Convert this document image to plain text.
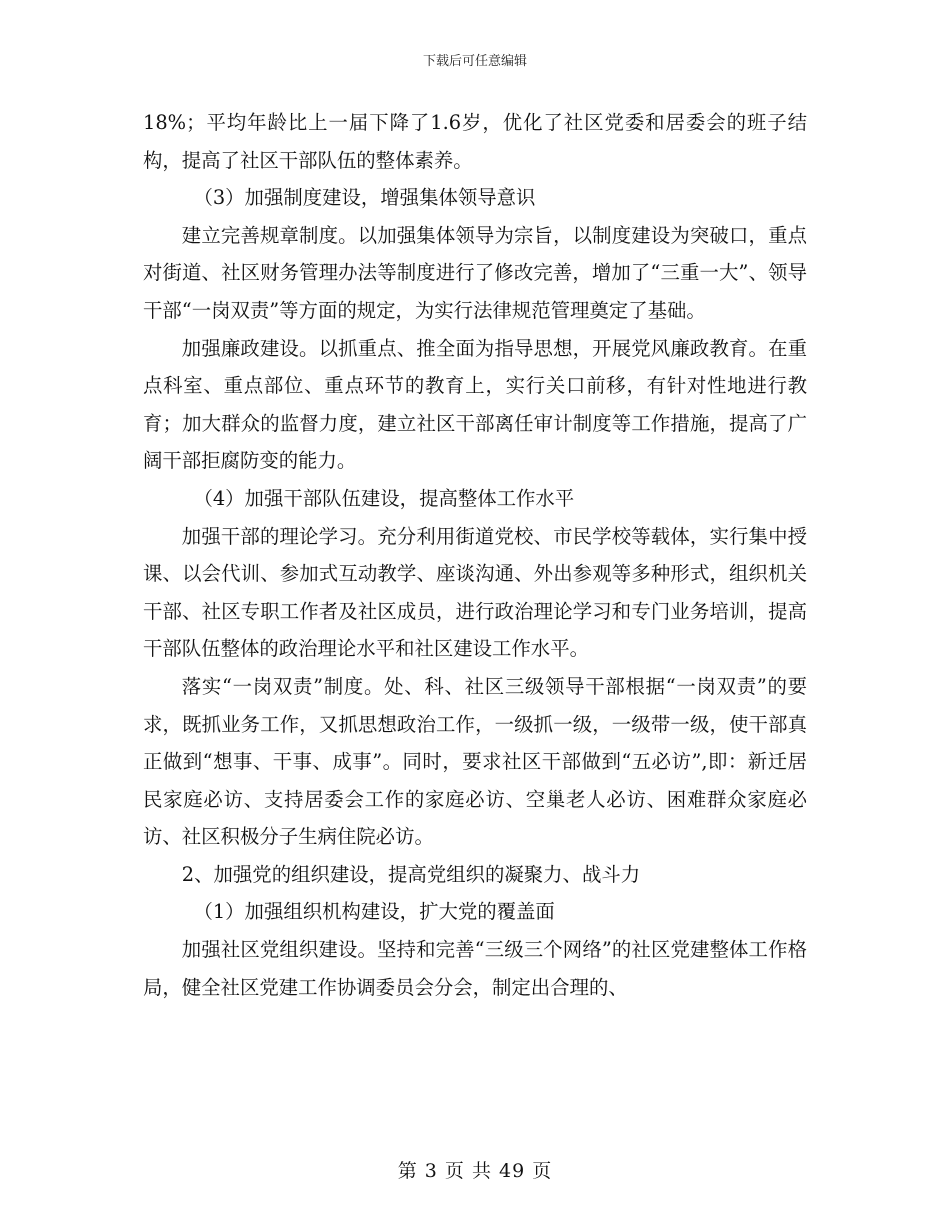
下载后可任意编辑

18%；平均年龄比上一届下降了1.6岁，优化了社区党委和居委会的班子结构，提高了社区干部队伍的整体素养。

（3）加强制度建设，增强集体领导意识

建立完善规章制度。以加强集体领导为宗旨，以制度建设为突破口，重点对街道、社区财务管理办法等制度进行了修改完善，增加了“三重一大”、领导干部“一岗双责”等方面的规定，为实行法律规范管理奠定了基础。

加强廉政建设。以抓重点、推全面为指导思想，开展党风廉政教育。在重点科室、重点部位、重点环节的教育上，实行关口前移，有针对性地进行教育；加大群众的监督力度，建立社区干部离任审计制度等工作措施，提高了广阔干部拒腐防变的能力。

（4）加强干部队伍建设，提高整体工作水平

加强干部的理论学习。充分利用街道党校、市民学校等载体，实行集中授课、以会代训、参加式互动教学、座谈沟通、外出参观等多种形式，组织机关干部、社区专职工作者及社区成员，进行政治理论学习和专门业务培训，提高干部队伍整体的政治理论水平和社区建设工作水平。

落实“一岗双责”制度。处、科、社区三级领导干部根据“一岗双责”的要求，既抓业务工作，又抓思想政治工作，一级抓一级，一级带一级，使干部真正做到“想事、干事、成事”。同时，要求社区干部做到“五必访”,即：新迁居民家庭必访、支持居委会工作的家庭必访、空巢老人必访、困难群众家庭必访、社区积极分子生病住院必访。

2、加强党的组织建设，提高党组织的凝聚力、战斗力

（1）加强组织机构建设，扩大党的覆盖面

加强社区党组织建设。坚持和完善“三级三个网络”的社区党建整体工作格局，健全社区党建工作协调委员会分会，制定出合理的、

第 3 页 共 49 页
